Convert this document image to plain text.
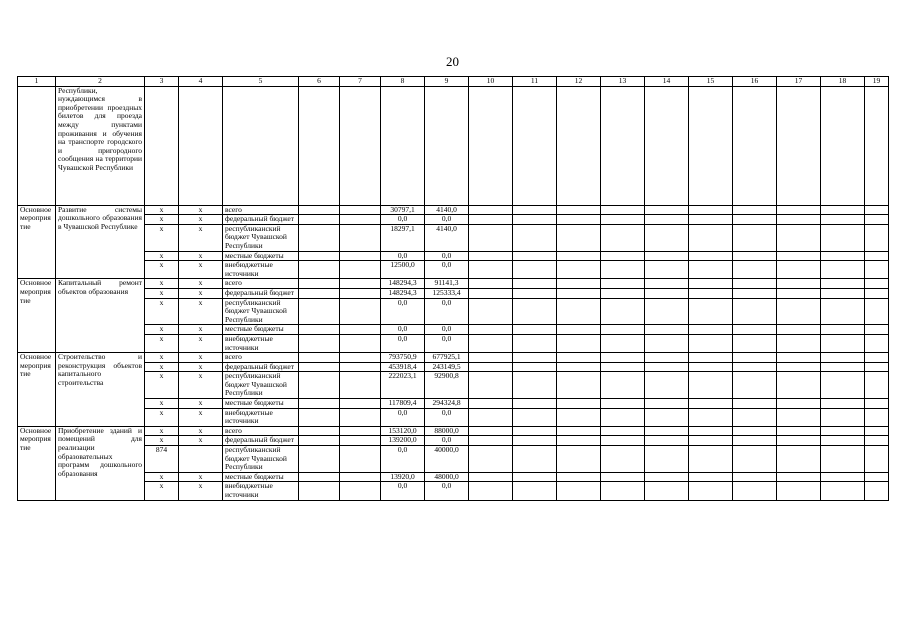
20
1	2	3	4	5	6	7	8	9	10	11	12	13	14	15	16	17	18	19
	Республики, нуждающимся в приобретении проездных билетов для проезда между пунктами проживания и обучения на транспорте городского и пригородного сообщения на территории Чувашской Республики																	
Основное мероприятие	Развитие системы дошкольного образования в Чувашской Республике	x	x	всего			30797,1	4140,0										
		x	x	федеральный бюджет			0,0	0,0										
		x	x	республиканский бюджет Чувашской Республики			18297,1	4140,0										
		x	x	местные бюджеты			0,0	0,0										
		x	x	внебюджетные источники			12500,0	0,0										
Основное мероприятие	Капитальный ремонт объектов образования	x	x	всего			148294,3	91141,3										
		x	x	федеральный бюджет			148294,3	125333,4										
		x	x	республиканский бюджет Чувашской Республики			0,0	0,0										
		x	x	местные бюджеты			0,0	0,0										
		x	x	внебюджетные источники			0,0	0,0										
Основное мероприятие	Строительство и реконструкция объектов капитального строительства	x	x	всего			793750,9	677925,1										
		x	x	федеральный бюджет			453918,4	243149,5										
		x	x	республиканский бюджет Чувашской Республики			222023,1	92900,8										
		x	x	местные бюджеты			117809,4	294324,8										
		x	x	внебюджетные источники			0,0	0,0										
Основное мероприятие	Приобретение зданий и помещений для реализации образовательных программ дошкольного образования	x	x	всего			153120,0	88000,0										
		x	x	федеральный бюджет			139200,0	0,0										
		874		республиканский бюджет Чувашской Республики			0,0	40000,0										
		x	x	местные бюджеты			13920,0	48000,0										
		x	x	внебюджетные источники			0,0	0,0										
